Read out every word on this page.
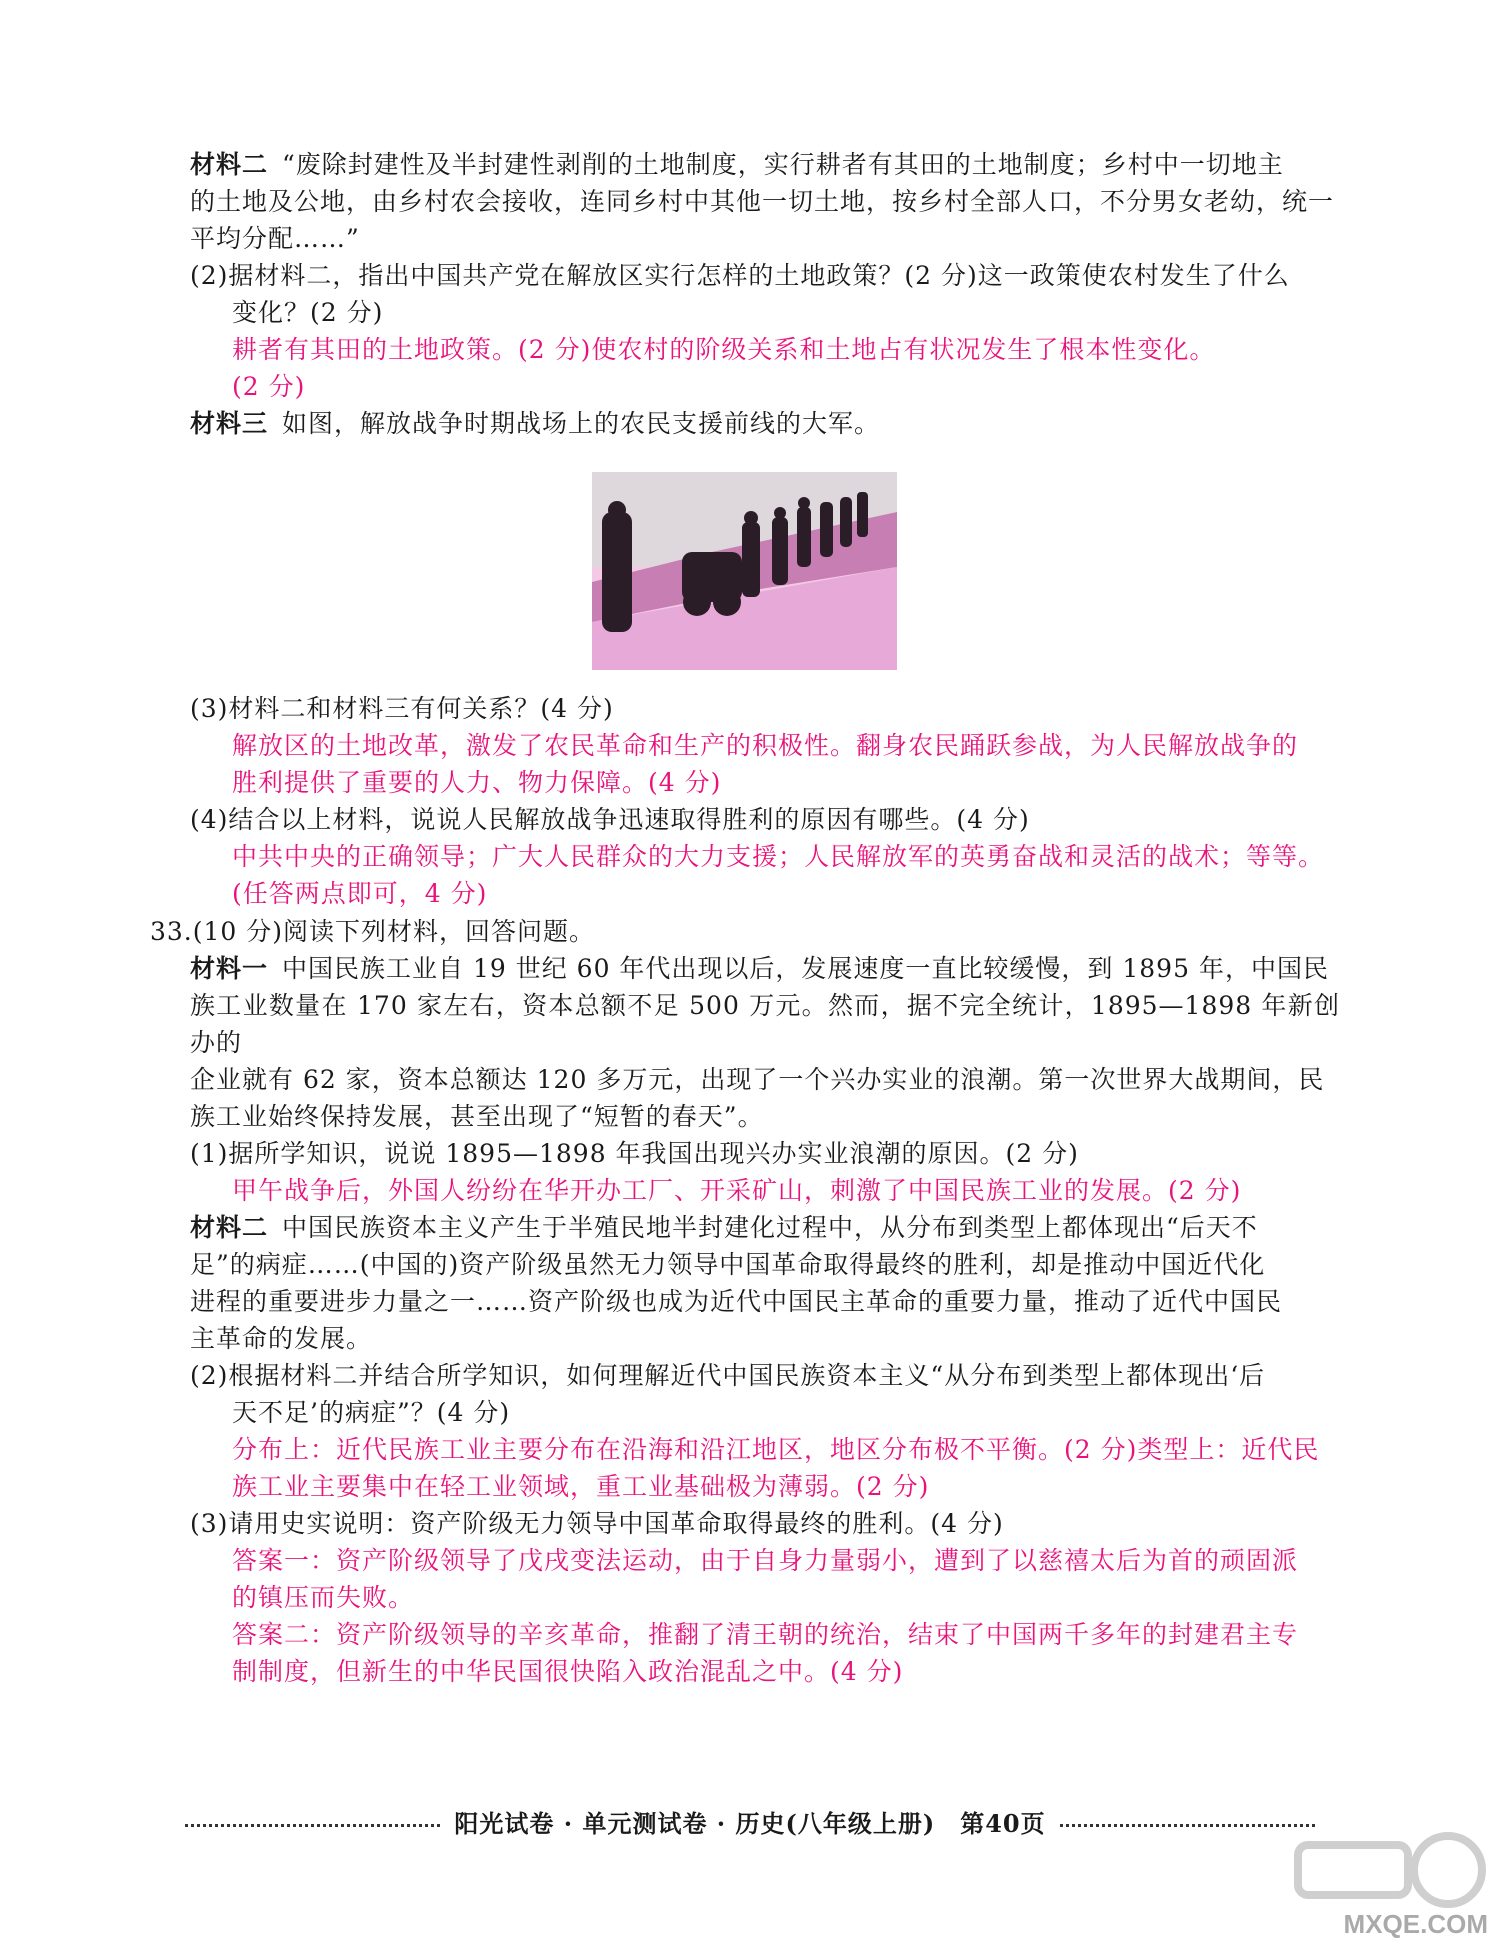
材料二 “废除封建性及半封建性剥削的土地制度，实行耕者有其田的土地制度；乡村中一切地主

的土地及公地，由乡村农会接收，连同乡村中其他一切土地，按乡村全部人口，不分男女老幼，统一

平均分配……”

(2)据材料二，指出中国共产党在解放区实行怎样的土地政策？(2 分)这一政策使农村发生了什么

变化？(2 分)

耕者有其田的土地政策。(2 分)使农村的阶级关系和土地占有状况发生了根本性变化。

(2 分)

材料三 如图，解放战争时期战场上的农民支援前线的大军。

(3)材料二和材料三有何关系？(4 分)

解放区的土地改革，激发了农民革命和生产的积极性。翻身农民踊跃参战，为人民解放战争的

胜利提供了重要的人力、物力保障。(4 分)

(4)结合以上材料，说说人民解放战争迅速取得胜利的原因有哪些。(4 分)

中共中央的正确领导；广大人民群众的大力支援；人民解放军的英勇奋战和灵活的战术；等等。

(任答两点即可，4 分)

33.(10 分)阅读下列材料，回答问题。

材料一 中国民族工业自 19 世纪 60 年代出现以后，发展速度一直比较缓慢，到 1895 年，中国民

族工业数量在 170 家左右，资本总额不足 500 万元。然而，据不完全统计，1895—1898 年新创办的

企业就有 62 家，资本总额达 120 多万元，出现了一个兴办实业的浪潮。第一次世界大战期间，民

族工业始终保持发展，甚至出现了“短暂的春天”。

(1)据所学知识，说说 1895—1898 年我国出现兴办实业浪潮的原因。(2 分)

甲午战争后，外国人纷纷在华开办工厂、开采矿山，刺激了中国民族工业的发展。(2 分)

材料二 中国民族资本主义产生于半殖民地半封建化过程中，从分布到类型上都体现出“后天不

足”的病症……(中国的)资产阶级虽然无力领导中国革命取得最终的胜利，却是推动中国近代化

进程的重要进步力量之一……资产阶级也成为近代中国民主革命的重要力量，推动了近代中国民

主革命的发展。

(2)根据材料二并结合所学知识，如何理解近代中国民族资本主义“从分布到类型上都体现出‘后

天不足’的病症”？(4 分)

分布上：近代民族工业主要分布在沿海和沿江地区，地区分布极不平衡。(2 分)类型上：近代民

族工业主要集中在轻工业领域，重工业基础极为薄弱。(2 分)

(3)请用史实说明：资产阶级无力领导中国革命取得最终的胜利。(4 分)

答案一：资产阶级领导了戊戌变法运动，由于自身力量弱小，遭到了以慈禧太后为首的顽固派

的镇压而失败。

答案二：资产阶级领导的辛亥革命，推翻了清王朝的统治，结束了中国两千多年的封建君主专

制制度，但新生的中华民国很快陷入政治混乱之中。(4 分)

阳光试卷 · 单元测试卷 · 历史(八年级上册)　第40页
MXQE.COM
